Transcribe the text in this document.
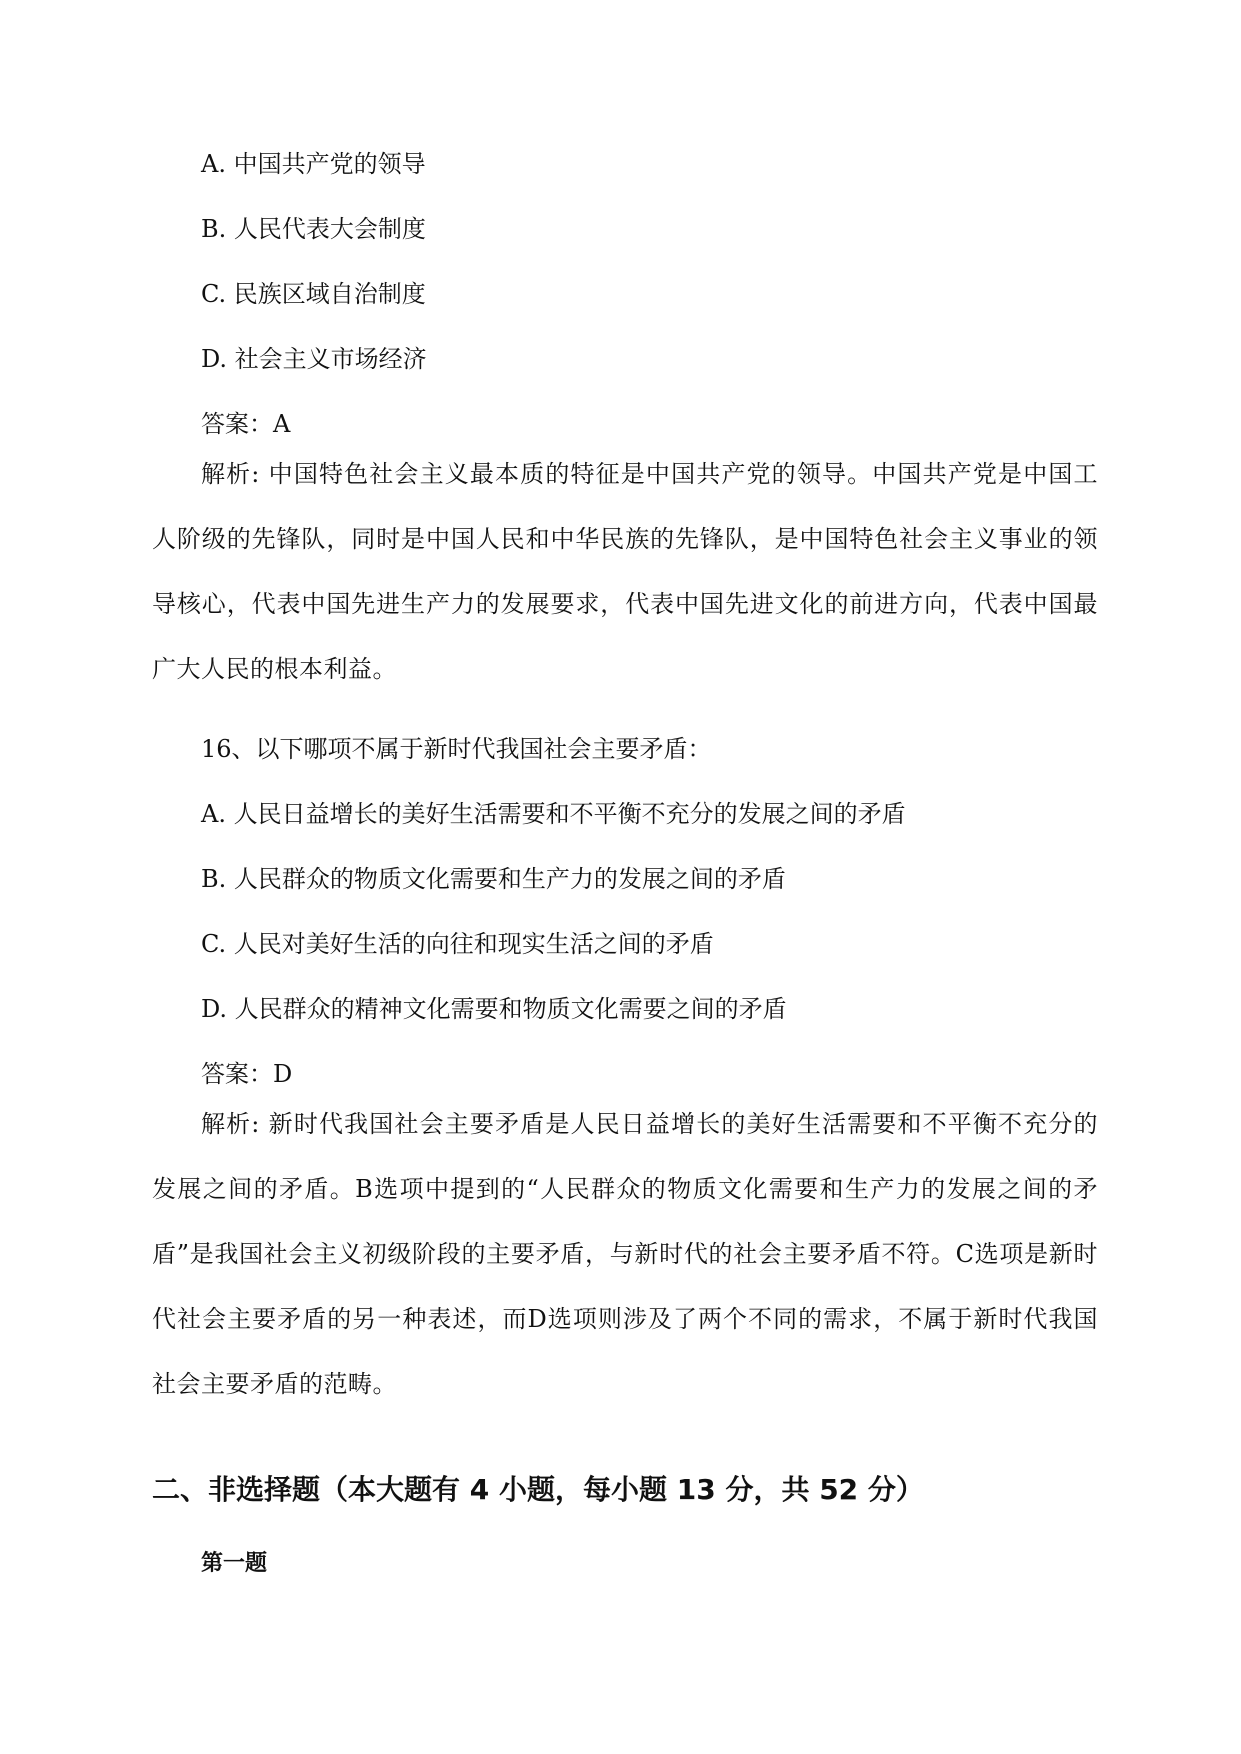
A. 中国共产党的领导
B. 人民代表大会制度
C. 民族区域自治制度
D. 社会主义市场经济
答案：A
解析: 中国特色社会主义最本质的特征是中国共产党的领导。中国共产党是中国工人阶级的先锋队，同时是中国人民和中华民族的先锋队，是中国特色社会主义事业的领导核心，代表中国先进生产力的发展要求，代表中国先进文化的前进方向，代表中国最广大人民的根本利益。
16、以下哪项不属于新时代我国社会主要矛盾：
A. 人民日益增长的美好生活需要和不平衡不充分的发展之间的矛盾
B. 人民群众的物质文化需要和生产力的发展之间的矛盾
C. 人民对美好生活的向往和现实生活之间的矛盾
D. 人民群众的精神文化需要和物质文化需要之间的矛盾
答案：D
解析: 新时代我国社会主要矛盾是人民日益增长的美好生活需要和不平衡不充分的发展之间的矛盾。B选项中提到的“人民群众的物质文化需要和生产力的发展之间的矛盾”是我国社会主义初级阶段的主要矛盾，与新时代的社会主要矛盾不符。C选项是新时代社会主要矛盾的另一种表述，而D选项则涉及了两个不同的需求，不属于新时代我国社会主要矛盾的范畴。
二、非选择题（本大题有 4 小题，每小题 13 分，共 52 分）
第一题
